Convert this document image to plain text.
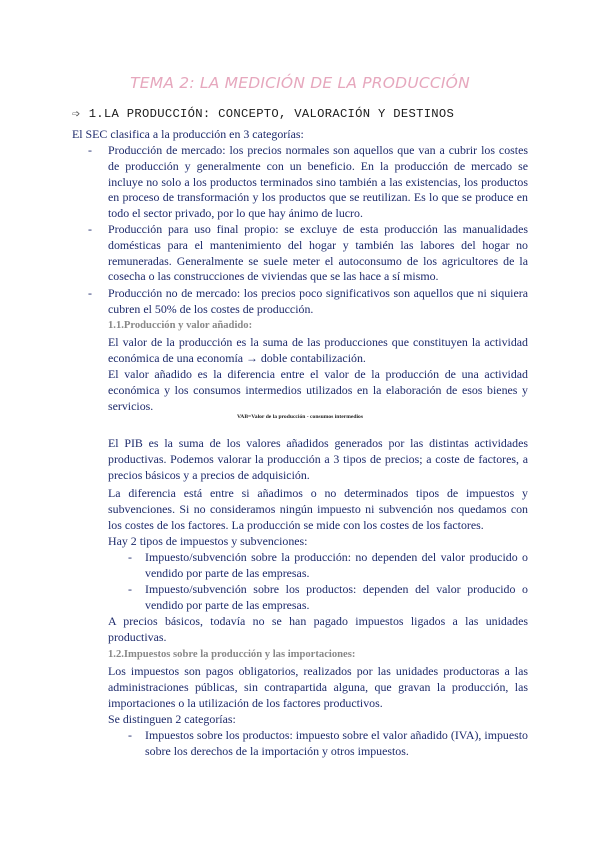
TEMA 2: LA MEDICIÓN DE LA PRODUCCIÓN
➩ 1.LA PRODUCCIÓN: CONCEPTO, VALORACIÓN Y DESTINOS
El SEC clasifica a la producción en 3 categorías:
- Producción de mercado: los precios normales son aquellos que van a cubrir los costes de producción y generalmente con un beneficio. En la producción de mercado se incluye no solo a los productos terminados sino también a las existencias, los productos en proceso de transformación y los productos que se reutilizan. Es lo que se produce en todo el sector privado, por lo que hay ánimo de lucro.
- Producción para uso final propio: se excluye de esta producción las manualidades domésticas para el mantenimiento del hogar y también las labores del hogar no remuneradas. Generalmente se suele meter el autoconsumo de los agricultores de la cosecha o las construcciones de viviendas que se las hace a sí mismo.
- Producción no de mercado: los precios poco significativos son aquellos que ni siquiera cubren el 50% de los costes de producción.
1.1.Producción y valor añadido:
El valor de la producción es la suma de las producciones que constituyen la actividad económica de una economía → doble contabilización.
El valor añadido es la diferencia entre el valor de la producción de una actividad económica y los consumos intermedios utilizados en la elaboración de esos bienes y servicios.
VAB=Valor de la producción - consumos intermedios
El PIB es la suma de los valores añadidos generados por las distintas actividades productivas. Podemos valorar la producción a 3 tipos de precios; a coste de factores, a precios básicos y a precios de adquisición.
La diferencia está entre si añadimos o no determinados tipos de impuestos y subvenciones. Si no consideramos ningún impuesto ni subvención nos quedamos con los costes de los factores. La producción se mide con los costes de los factores.
Hay 2 tipos de impuestos y subvenciones:
- Impuesto/subvención sobre la producción: no dependen del valor producido o vendido por parte de las empresas.
- Impuesto/subvención sobre los productos: dependen del valor producido o vendido por parte de las empresas.
A precios básicos, todavía no se han pagado impuestos ligados a las unidades productivas.
1.2.Impuestos sobre la producción y las importaciones:
Los impuestos son pagos obligatorios, realizados por las unidades productoras a las administraciones públicas, sin contrapartida alguna, que gravan la producción, las importaciones o la utilización de los factores productivos.
Se distinguen 2 categorías:
- Impuestos sobre los productos: impuesto sobre el valor añadido (IVA), impuesto sobre los derechos de la importación y otros impuestos.
